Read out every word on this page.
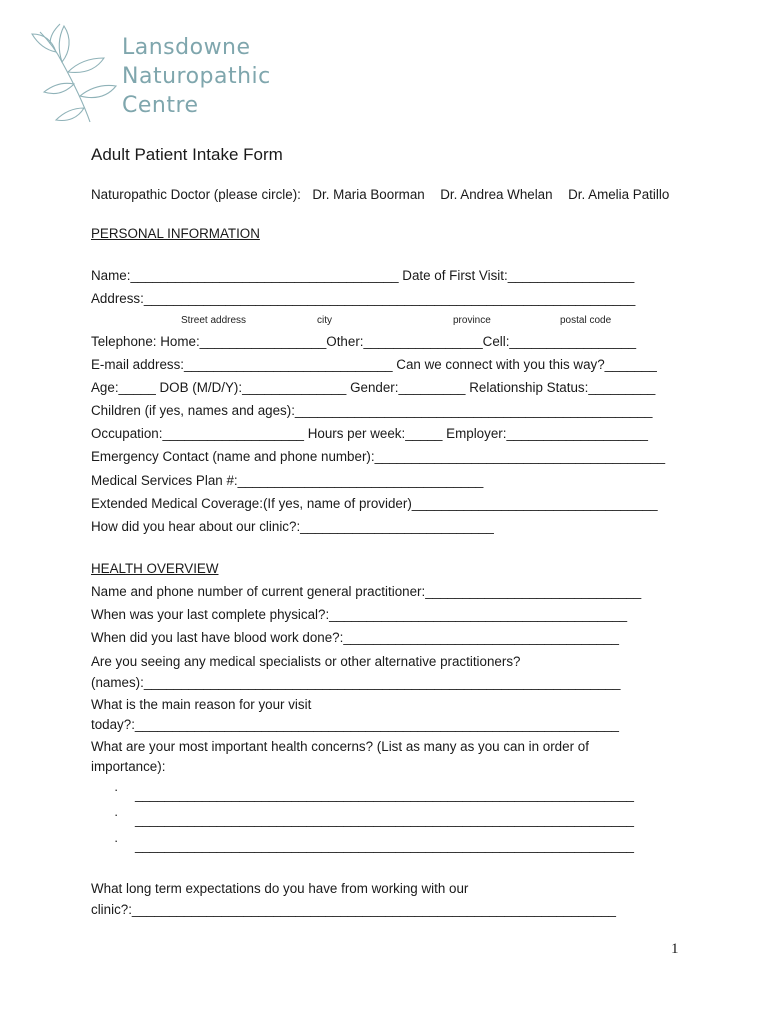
Lansdowne
Naturopathic
Centre
Adult Patient Intake Form
Naturopathic Doctor (please circle): Dr. Maria Boorman Dr. Andrea Whelan Dr. Amelia Patillo
PERSONAL INFORMATION
Name:____________________________________ Date of First Visit:_________________
Address:__________________________________________________________________
Street address	city	province	postal code
Telephone: Home:_________________Other:________________Cell:_________________
E-mail address:____________________________ Can we connect with you this way?_______
Age:_____ DOB (M/D/Y):______________ Gender:_________ Relationship Status:_________
Children (if yes, names and ages):________________________________________________
Occupation:___________________ Hours per week:_____ Employer:___________________
Emergency Contact (name and phone number):_______________________________________
Medical Services Plan #:_________________________________
Extended Medical Coverage:(If yes, name of provider)_________________________________
How did you hear about our clinic?:__________________________
HEALTH OVERVIEW
Name and phone number of current general practitioner:_____________________________
When was your last complete physical?:________________________________________
When did you last have blood work done?:_____________________________________
Are you seeing any medical specialists or other alternative practitioners?
(names):________________________________________________________________
What is the main reason for your visit
today?:_________________________________________________________________
What are your most important health concerns? (List as many as you can in order of
importance):
· ___________________________________________________________________
· ___________________________________________________________________
· ___________________________________________________________________
What long term expectations do you have from working with our
clinic?:_________________________________________________________________
1
